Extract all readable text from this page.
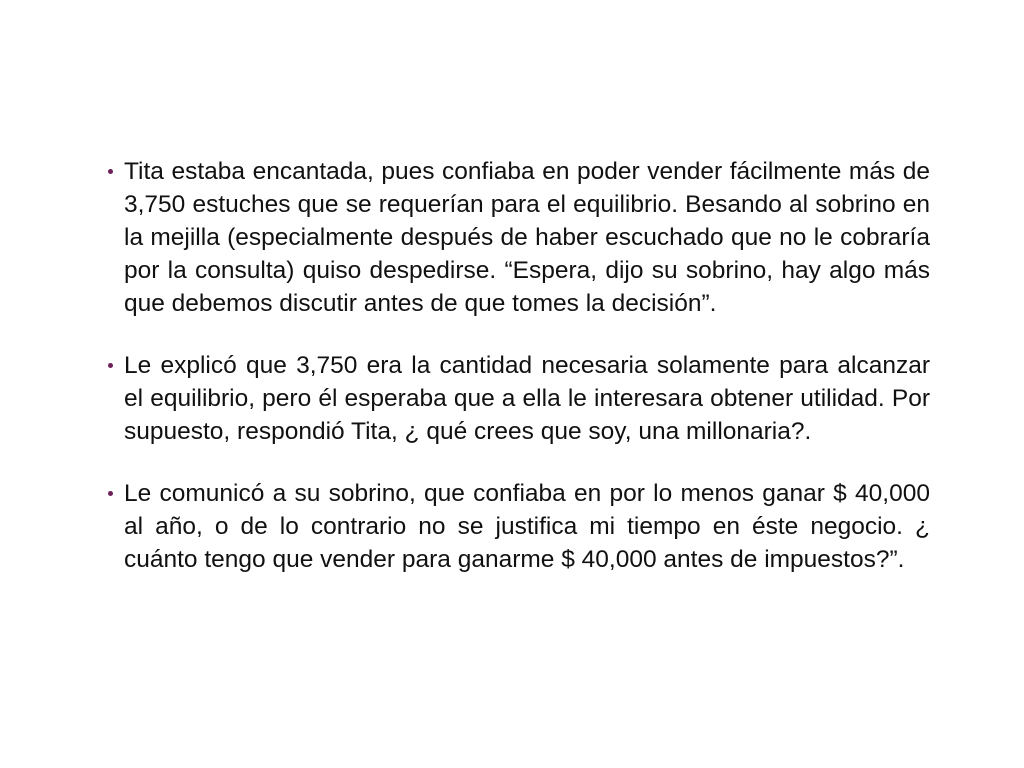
Tita estaba encantada, pues confiaba en poder vender fácilmente más de 3,750 estuches que se requerían para el equilibrio. Besando al sobrino en la mejilla (especialmente después de haber escuchado que no le cobraría por la consulta) quiso despedirse. “Espera, dijo su sobrino, hay algo más que debemos discutir antes de que tomes la decisión”.

Le explicó que 3,750 era la cantidad necesaria solamente para alcanzar el equilibrio, pero él esperaba que a ella le interesara obtener utilidad. Por supuesto, respondió Tita, ¿ qué crees que soy, una millonaria?.

Le comunicó a su sobrino, que confiaba en por lo menos ganar $ 40,000 al año, o de lo contrario no se justifica mi tiempo en éste negocio. ¿ cuánto tengo que vender para ganarme $ 40,000 antes de impuestos?”.
